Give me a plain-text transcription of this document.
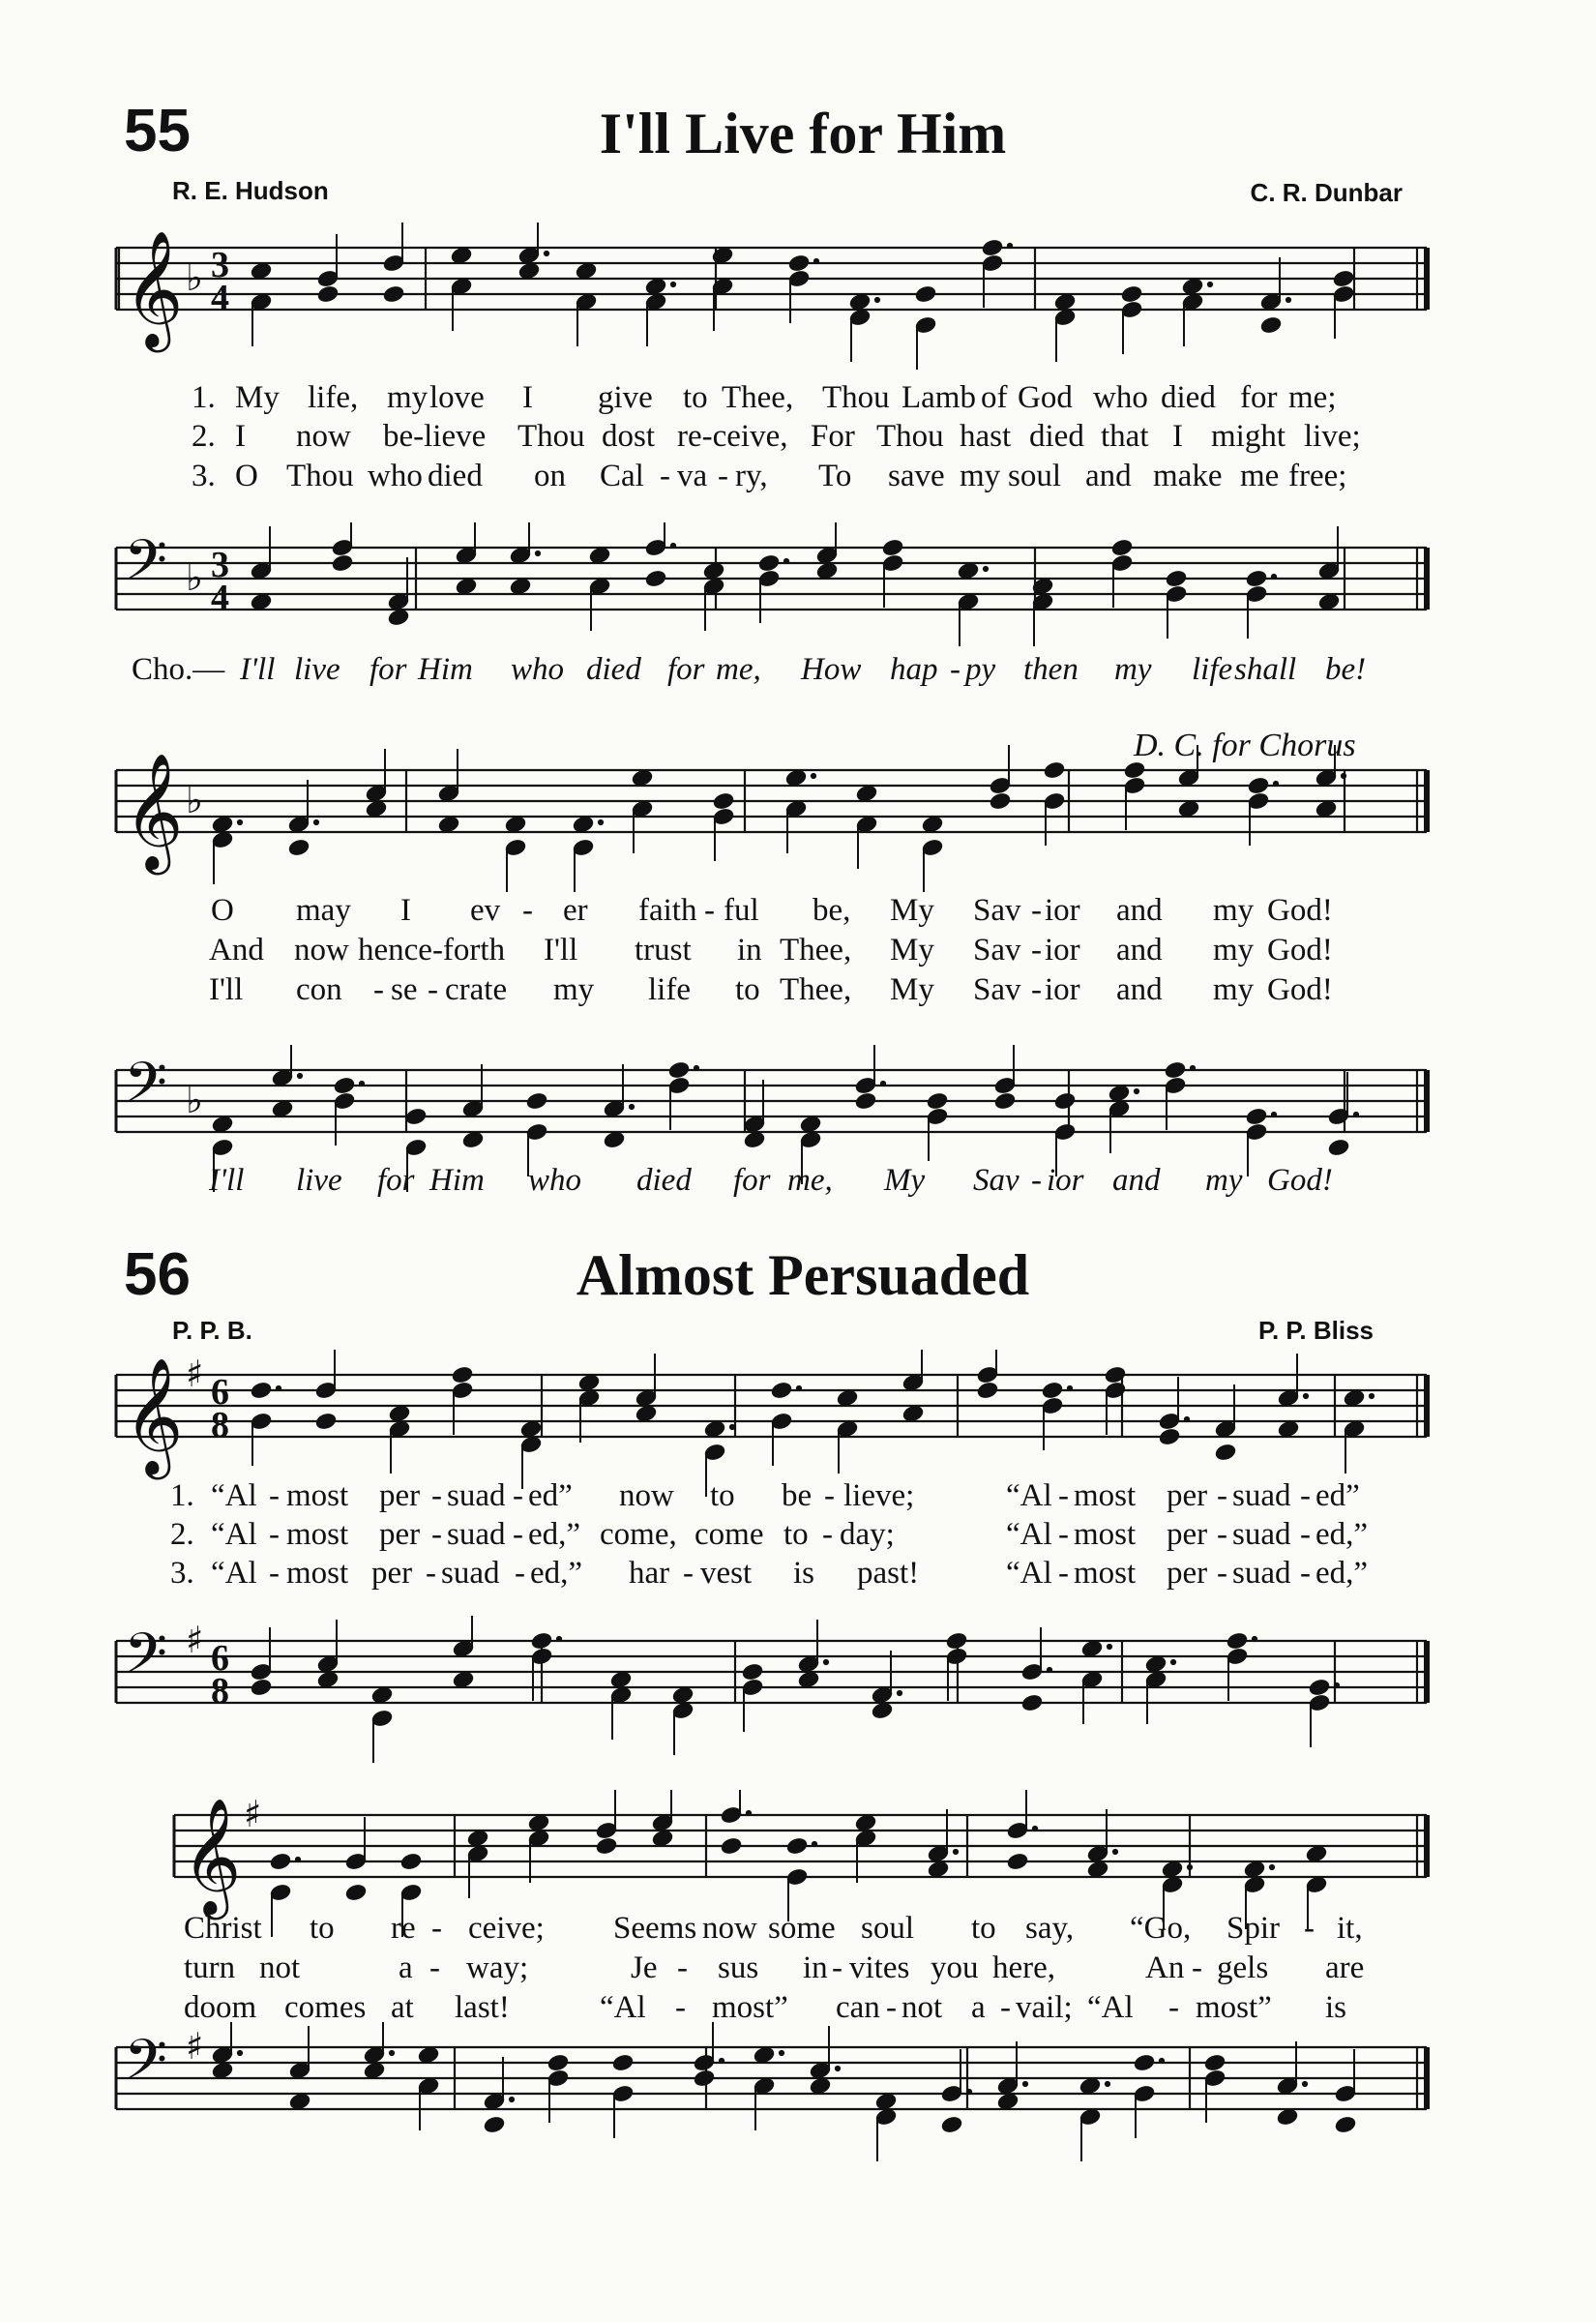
55	I'll Live for Him
R. E. Hudson	C. R. Dunbar
𝄞 ♭ 3
4
𝄢 ♭ 3
4
1. My life, my love I give to Thee, Thou Lamb of God who died for me;
2. I now be-lieve Thou dost re-ceive, For Thou hast died that I might live;
3. O Thou who died on Cal - va - ry, To save my soul and make me free;
Cho.— I'll live for Him who died for me, How hap - py then my life shall be!
D. C. for Chorus
𝄞 ♭
𝄢 ♭
O may I ev - er faith - ful be, My Sav - ior and my God!
And now hence-forth I'll trust in Thee, My Sav - ior and my God!
I'll con - se - crate my life to Thee, My Sav - ior and my God!
I'll live for Him who died for me, My Sav - ior and my God!
56	Almost Persuaded
P. P. B.	P. P. Bliss
𝄞 ♯ 6
8
𝄢 ♯ 6
8
1. “Al - most per - suad - ed” now to be - lieve;	“Al - most per - suad - ed”
2. “Al - most per - suad - ed,” come, come to - day;	“Al - most per - suad - ed,”
3. “Al - most per - suad - ed,” har - vest is past!	“Al - most per - suad - ed,”
𝄞 ♯
𝄢 ♯
Christ to re - ceive; Seems now some soul to say, “Go, Spir - it,
turn not	a - way;	Je - sus in - vites you here,	An - gels are
doom comes at last!	“Al - most” can - not a - vail; “Al - most” is
